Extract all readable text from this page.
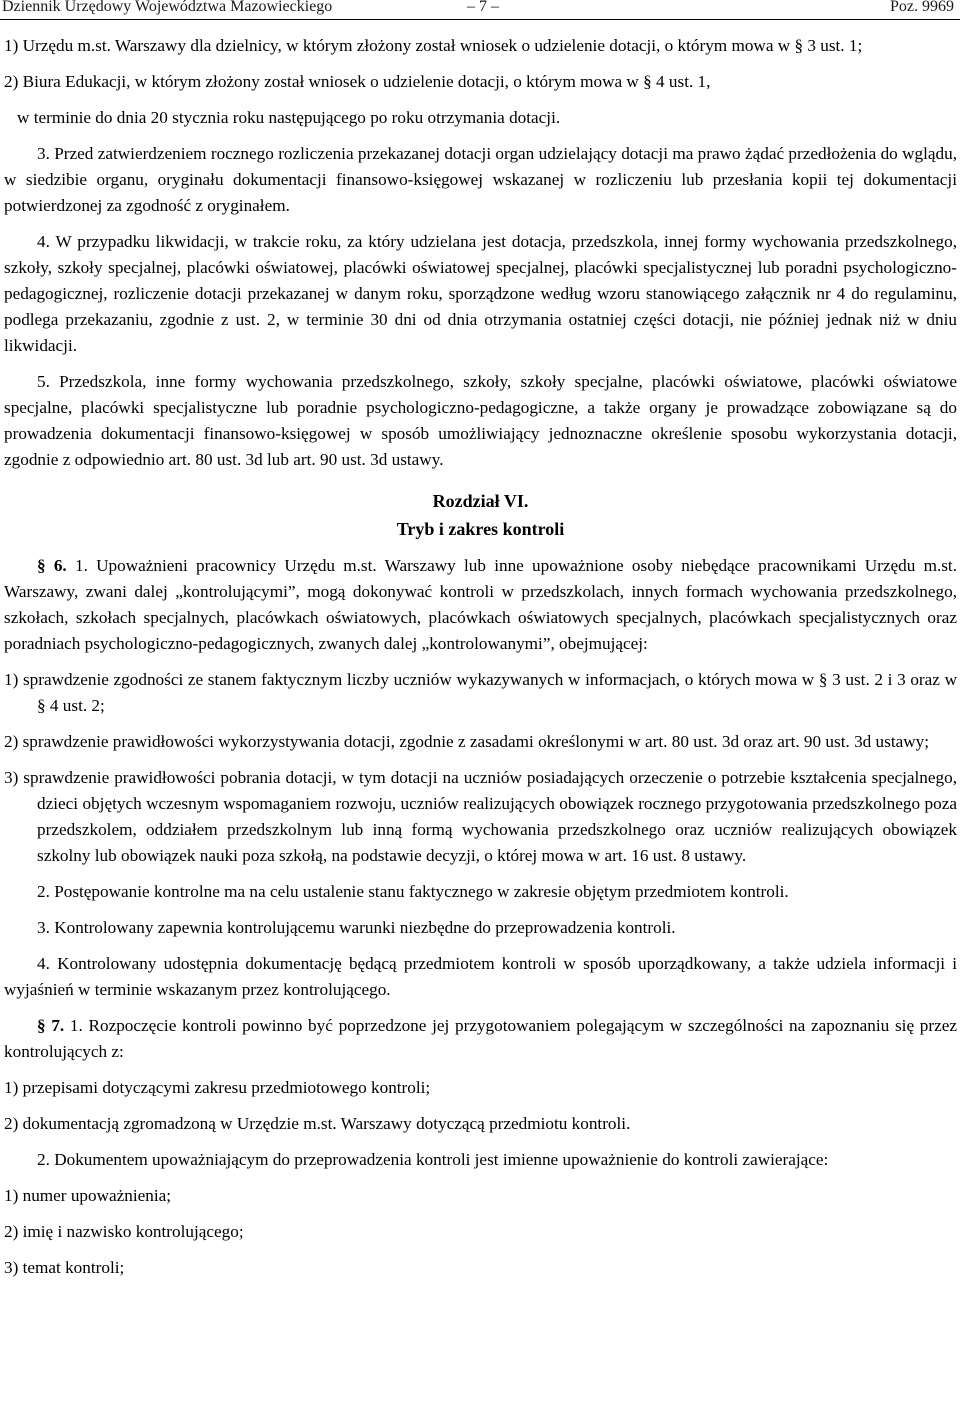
Dziennik Urzędowy Województwa Mazowieckiego	– 7 –	Poz. 9969

1) Urzędu m.st. Warszawy dla dzielnicy, w którym złożony został wniosek o udzielenie dotacji, o którym mowa w § 3 ust. 1;

2) Biura Edukacji, w którym złożony został wniosek o udzielenie dotacji, o którym mowa w § 4 ust. 1,

w terminie do dnia 20 stycznia roku następującego po roku otrzymania dotacji.

3. Przed zatwierdzeniem rocznego rozliczenia przekazanej dotacji organ udzielający dotacji ma prawo żądać przedłożenia do wglądu, w siedzibie organu, oryginału dokumentacji finansowo-księgowej wskazanej w rozliczeniu lub przesłania kopii tej dokumentacji potwierdzonej za zgodność z oryginałem.

4. W przypadku likwidacji, w trakcie roku, za który udzielana jest dotacja, przedszkola, innej formy wychowania przedszkolnego, szkoły, szkoły specjalnej, placówki oświatowej, placówki oświatowej specjalnej, placówki specjalistycznej lub poradni psychologiczno-pedagogicznej, rozliczenie dotacji przekazanej w danym roku, sporządzone według wzoru stanowiącego załącznik nr 4 do regulaminu, podlega przekazaniu, zgodnie z ust. 2, w terminie 30 dni od dnia otrzymania ostatniej części dotacji, nie później jednak niż w dniu likwidacji.

5. Przedszkola, inne formy wychowania przedszkolnego, szkoły, szkoły specjalne, placówki oświatowe, placówki oświatowe specjalne, placówki specjalistyczne lub poradnie psychologiczno-pedagogiczne, a także organy je prowadzące zobowiązane są do prowadzenia dokumentacji finansowo-księgowej w sposób umożliwiający jednoznaczne określenie sposobu wykorzystania dotacji, zgodnie z odpowiednio art. 80 ust. 3d lub art. 90 ust. 3d ustawy.

Rozdział VI.

Tryb i zakres kontroli

§ 6. 1. Upoważnieni pracownicy Urzędu m.st. Warszawy lub inne upoważnione osoby niebędące pracownikami Urzędu m.st. Warszawy, zwani dalej „kontrolującymi”, mogą dokonywać kontroli w przedszkolach, innych formach wychowania przedszkolnego, szkołach, szkołach specjalnych, placówkach oświatowych, placówkach oświatowych specjalnych, placówkach specjalistycznych oraz poradniach psychologiczno-pedagogicznych, zwanych dalej „kontrolowanymi”, obejmującej:

1) sprawdzenie zgodności ze stanem faktycznym liczby uczniów wykazywanych w informacjach, o których mowa w § 3 ust. 2 i 3 oraz w § 4 ust. 2;

2) sprawdzenie prawidłowości wykorzystywania dotacji, zgodnie z zasadami określonymi w art. 80 ust. 3d oraz art. 90 ust. 3d ustawy;

3) sprawdzenie prawidłowości pobrania dotacji, w tym dotacji na uczniów posiadających orzeczenie o potrzebie kształcenia specjalnego, dzieci objętych wczesnym wspomaganiem rozwoju, uczniów realizujących obowiązek rocznego przygotowania przedszkolnego poza przedszkolem, oddziałem przedszkolnym lub inną formą wychowania przedszkolnego oraz uczniów realizujących obowiązek szkolny lub obowiązek nauki poza szkołą, na podstawie decyzji, o której mowa w art. 16 ust. 8 ustawy.

2. Postępowanie kontrolne ma na celu ustalenie stanu faktycznego w zakresie objętym przedmiotem kontroli.

3. Kontrolowany zapewnia kontrolującemu warunki niezbędne do przeprowadzenia kontroli.

4. Kontrolowany udostępnia dokumentację będącą przedmiotem kontroli w sposób uporządkowany, a także udziela informacji i wyjaśnień w terminie wskazanym przez kontrolującego.

§ 7. 1. Rozpoczęcie kontroli powinno być poprzedzone jej przygotowaniem polegającym w szczególności na zapoznaniu się przez kontrolujących z:

1) przepisami dotyczącymi zakresu przedmiotowego kontroli;

2) dokumentacją zgromadzoną w Urzędzie m.st. Warszawy dotyczącą przedmiotu kontroli.

2. Dokumentem upoważniającym do przeprowadzenia kontroli jest imienne upoważnienie do kontroli zawierające:

1) numer upoważnienia;

2) imię i nazwisko kontrolującego;

3) temat kontroli;
